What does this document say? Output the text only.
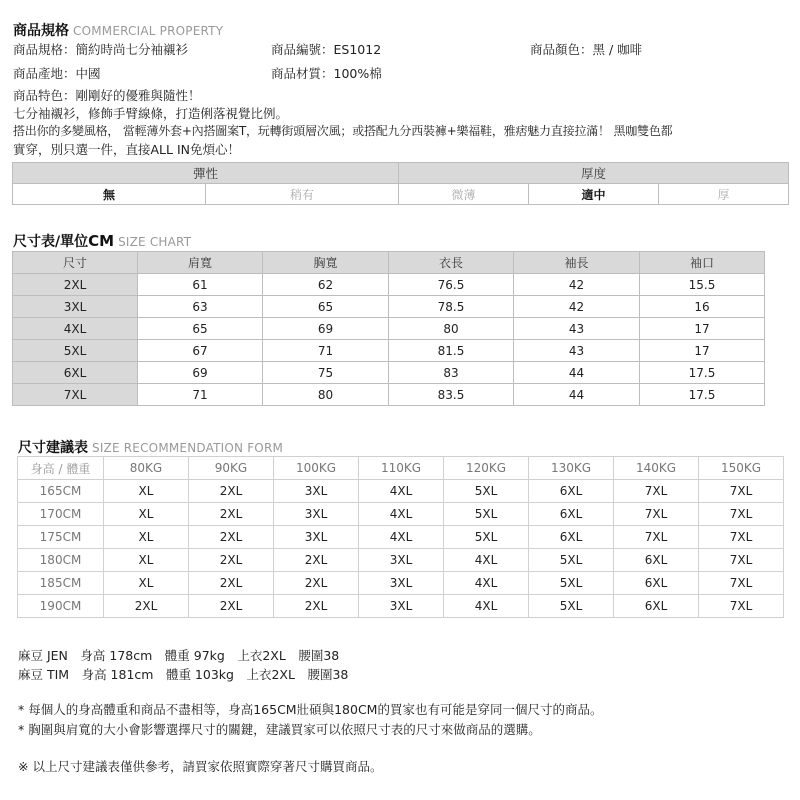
商品規格 COMMERCIAL PROPERTY
商品規格：簡約時尚七分袖襯衫	商品編號：ES1012	商品顏色：黑 / 咖啡
商品產地：中國	商品材質：100%棉
商品特色：剛剛好的優雅與隨性！
七分袖襯衫，修飾手臂線條，打造俐落視覺比例。
搭出你的多變風格， 當輕薄外套+內搭圖案T，玩轉街頭層次風；或搭配九分西裝褲+樂福鞋，雅痞魅力直接拉滿！ 黑咖雙色都
實穿，別只選一件，直接ALL IN免煩心！
彈性		厚度		
無	稍有	微薄	適中	厚
尺寸表/單位CM SIZE CHART
尺寸	肩寬	胸寬	衣長	袖長	袖口
2XL	61	62	76.5	42	15.5
3XL	63	65	78.5	42	16
4XL	65	69	80	43	17
5XL	67	71	81.5	43	17
6XL	69	75	83	44	17.5
7XL	71	80	83.5	44	17.5
尺寸建議表 SIZE RECOMMENDATION FORM
身高 / 體重	80KG	90KG	100KG	110KG	120KG	130KG	140KG	150KG
165CM	XL	2XL	3XL	4XL	5XL	6XL	7XL	7XL
170CM	XL	2XL	3XL	4XL	5XL	6XL	7XL	7XL
175CM	XL	2XL	3XL	4XL	5XL	6XL	7XL	7XL
180CM	XL	2XL	2XL	3XL	4XL	5XL	6XL	7XL
185CM	XL	2XL	2XL	3XL	4XL	5XL	6XL	7XL
190CM	2XL	2XL	2XL	3XL	4XL	5XL	6XL	7XL
麻豆 JEN　身高 178cm　體重 97kg　上衣2XL　腰圍38
麻豆 TIM　身高 181cm　體重 103kg　上衣2XL　腰圍38
* 每個人的身高體重和商品不盡相等，身高165CM壯碩與180CM的買家也有可能是穿同一個尺寸的商品。
* 胸圍與肩寬的大小會影響選擇尺寸的關鍵，建議買家可以依照尺寸表的尺寸來做商品的選購。
※ 以上尺寸建議表僅供參考，請買家依照實際穿著尺寸購買商品。
